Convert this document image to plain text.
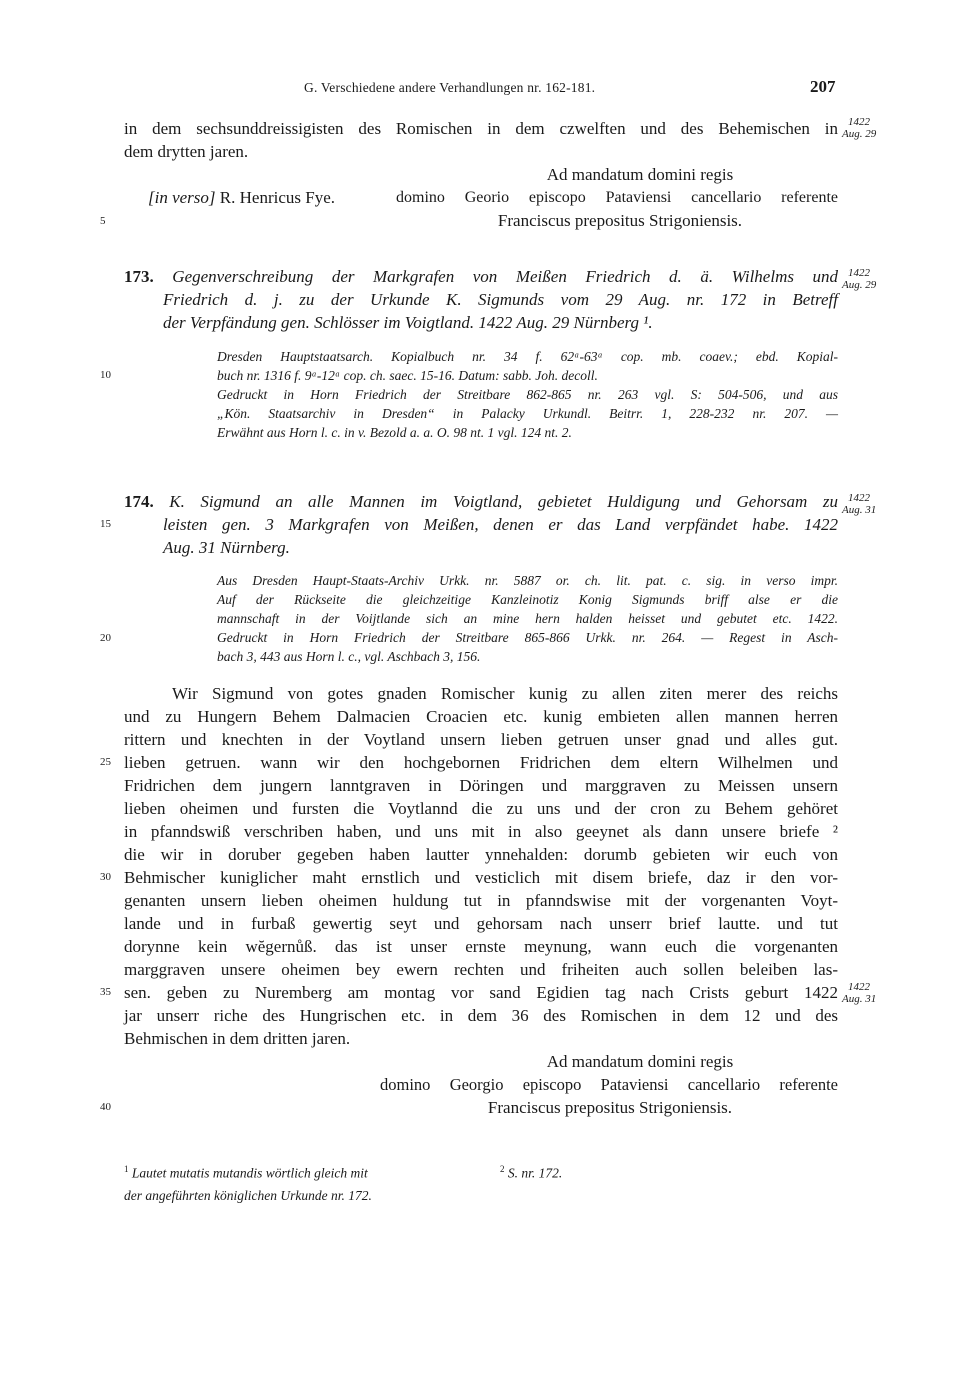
G. Verschiedene andere Verhandlungen nr. 162-181.	207
in dem sechsunddreissigisten des Romischen in dem czwelften und des Behemischen in
dem drytten jaren.
1422
Aug. 29
Ad mandatum domini regis
[in verso] R. Henricus Fye.	domino Georio episcopo Pataviensi cancellario referente
Franciscus prepositus Strigoniensis.
173. Gegenverschreibung der Markgrafen von Meißen Friedrich d. ä. Wilhelms und
Friedrich d. j. zu der Urkunde K. Sigmunds vom 29 Aug. nr. 172 in Betreff
der Verpfändung gen. Schlösser im Voigtland. 1422 Aug. 29 Nürnberg ¹.
1422
Aug. 29
Dresden Hauptstaatsarch. Kopialbuch nr. 34 f. 62ᵃ-63ᵃ cop. mb. coaev.; ebd. Kopial-
buch nr. 1316 f. 9ᵃ-12ᵃ cop. ch. saec. 15-16. Datum: sabb. Joh. decoll.
Gedruckt in Horn Friedrich der Streitbare 862-865 nr. 263 vgl. S: 504-506, und aus
„Kön. Staatsarchiv in Dresden“ in Palacky Urkundl. Beitrr. 1, 228-232 nr. 207. —
Erwähnt aus Horn l. c. in v. Bezold a. a. O. 98 nt. 1 vgl. 124 nt. 2.
174. K. Sigmund an alle Mannen im Voigtland, gebietet Huldigung und Gehorsam zu
leisten gen. 3 Markgrafen von Meißen, denen er das Land verpfändet habe. 1422
Aug. 31 Nürnberg.
1422
Aug. 31
Aus Dresden Haupt-Staats-Archiv Urkk. nr. 5887 or. ch. lit. pat. c. sig. in verso impr.
Auf der Rückseite die gleichzeitige Kanzleinotiz Konig Sigmunds briff alse er die
mannschaft in der Voijtlande sich an mine hern halden heisset und gebutet etc. 1422.
Gedruckt in Horn Friedrich der Streitbare 865-866 Urkk. nr. 264. — Regest in Asch-
bach 3, 443 aus Horn l. c., vgl. Aschbach 3, 156.
Wir Sigmund von gotes gnaden Romischer kunig zu allen ziten merer des reichs
und zu Hungern Behem Dalmacien Croacien etc. kunig embieten allen mannen herren
rittern und knechten in der Voytland unsern lieben getruen unser gnad und alles gut.
lieben getruen. wann wir den hochgebornen Fridrichen dem eltern Wilhelmen und
Fridrichen dem jungern lanntgraven in Döringen und marggraven zu Meissen unsern
lieben oheimen und fursten die Voytlannd die zu uns und der cron zu Behem gehöret
in pfanndswiß verschriben haben, und uns mit in also geeynet als dann unsere briefe ²
die wir in doruber gegeben haben lautter ynnehalden: dorumb gebieten wir euch von
Behmischer kuniglicher maht ernstlich und vesticlich mit disem briefe, daz ir den vor-
genanten unsern lieben oheimen huldung tut in pfanndswise mit der vorgenanten Voyt-
lande und in furbaß gewertig seyt und gehorsam nach unserr brief lautte. und tut
dorynne kein wĕgernůß. das ist unser ernste meynung, wann euch die vorgenanten
marggraven unsere oheimen bey ewern rechten und friheiten auch sollen beleiben las-
sen. geben zu Nuremberg am montag vor sand Egidien tag nach Crists geburt 1422
jar unserr riche des Hungrischen etc. in dem 36 des Romischen in dem 12 und des
Behmischen in dem dritten jaren.
1422
Aug. 31
Ad mandatum domini regis
domino Georgio episcopo Pataviensi cancellario referente
Franciscus prepositus Strigoniensis.
5
10
15
20
25
30
35
40
$^1$ Lautet mutatis mutandis wörtlich gleich mit
der angeführten königlichen Urkunde nr. 172.
$^2$ S. nr. 172.
